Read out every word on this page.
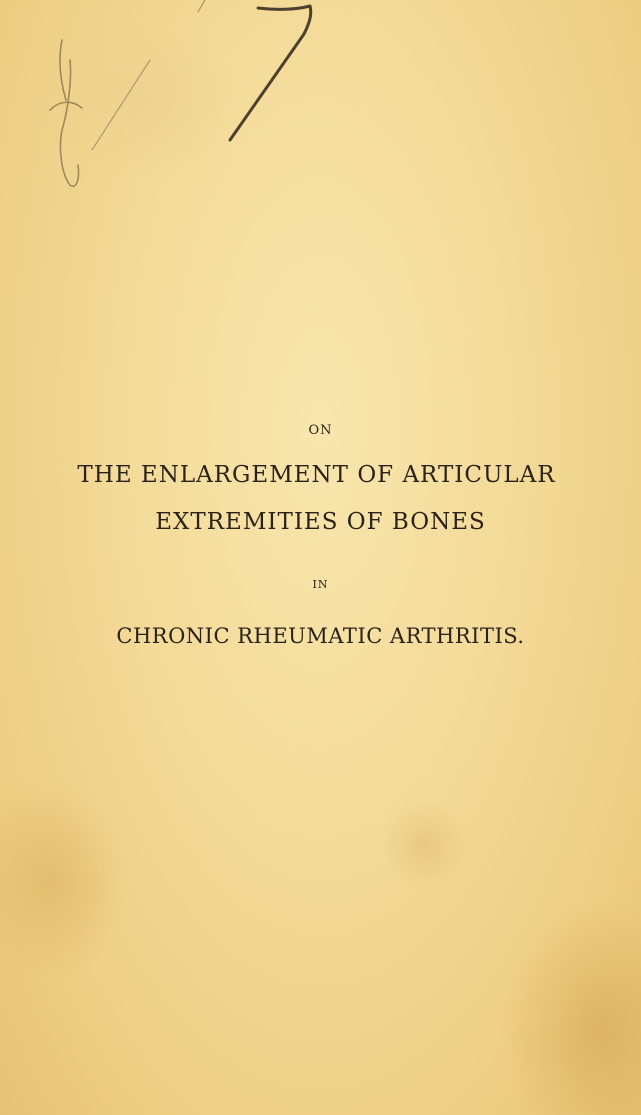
ON
THE ENLARGEMENT OF ARTICULAR
EXTREMITIES OF BONES
IN
CHRONIC RHEUMATIC ARTHRITIS.
